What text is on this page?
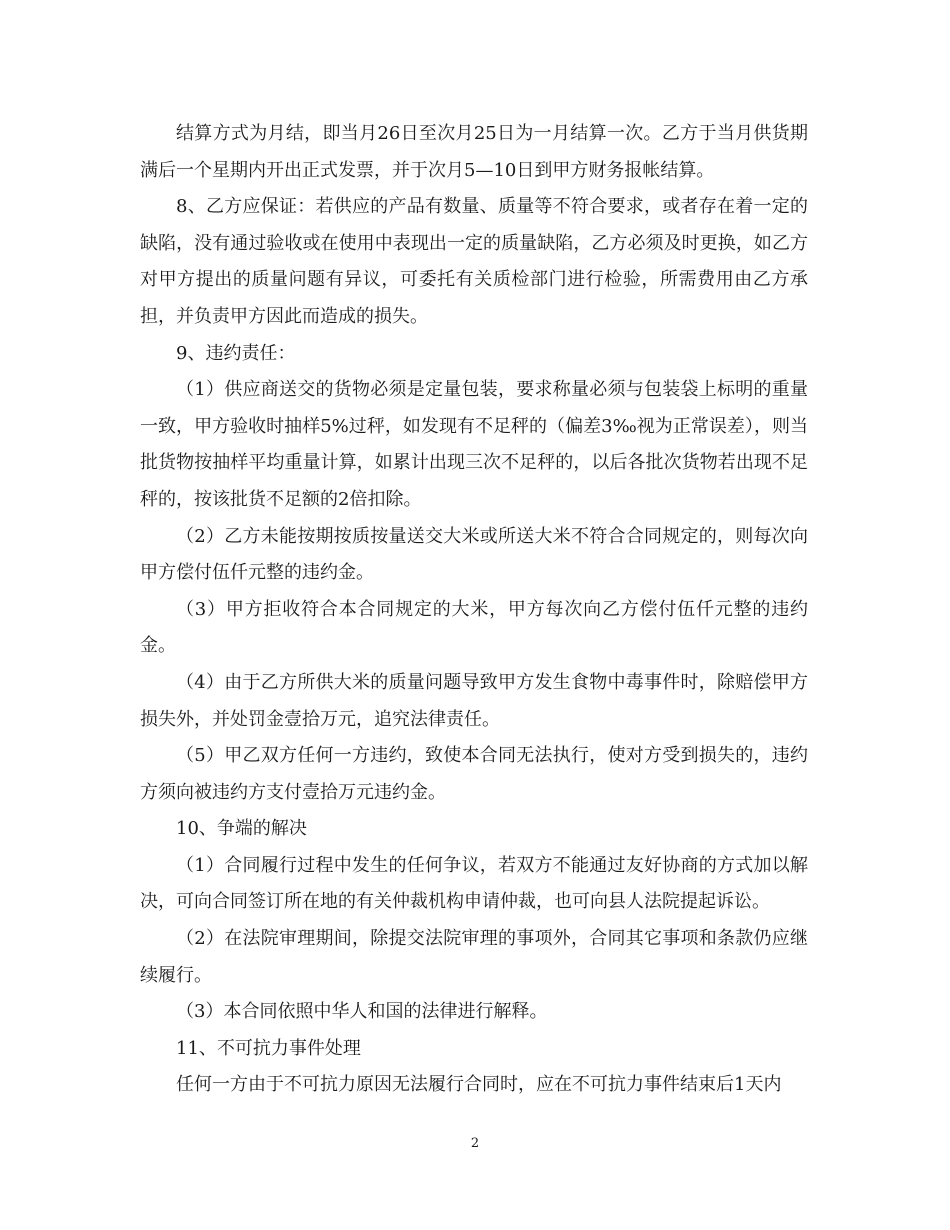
结算方式为月结，即当月26日至次月25日为一月结算一次。乙方于当月供货期满后一个星期内开出正式发票，并于次月5—10日到甲方财务报帐结算。

8、乙方应保证：若供应的产品有数量、质量等不符合要求，或者存在着一定的缺陷，没有通过验收或在使用中表现出一定的质量缺陷，乙方必须及时更换，如乙方对甲方提出的质量问题有异议，可委托有关质检部门进行检验，所需费用由乙方承担，并负责甲方因此而造成的损失。

9、违约责任：

（1）供应商送交的货物必须是定量包装，要求称量必须与包装袋上标明的重量一致，甲方验收时抽样5%过秤，如发现有不足秤的（偏差3‰视为正常误差），则当批货物按抽样平均重量计算，如累计出现三次不足秤的，以后各批次货物若出现不足秤的，按该批货不足额的2倍扣除。

（2）乙方未能按期按质按量送交大米或所送大米不符合合同规定的，则每次向甲方偿付伍仟元整的违约金。

（3）甲方拒收符合本合同规定的大米，甲方每次向乙方偿付伍仟元整的违约金。

（4）由于乙方所供大米的质量问题导致甲方发生食物中毒事件时，除赔偿甲方损失外，并处罚金壹拾万元，追究法律责任。

（5）甲乙双方任何一方违约，致使本合同无法执行，使对方受到损失的，违约方须向被违约方支付壹拾万元违约金。

10、争端的解决

（1）合同履行过程中发生的任何争议，若双方不能通过友好协商的方式加以解决，可向合同签订所在地的有关仲裁机构申请仲裁，也可向县人法院提起诉讼。

（2）在法院审理期间，除提交法院审理的事项外，合同其它事项和条款仍应继续履行。

（3）本合同依照中华人和国的法律进行解释。

11、不可抗力事件处理

任何一方由于不可抗力原因无法履行合同时，应在不可抗力事件结束后1天内

2
